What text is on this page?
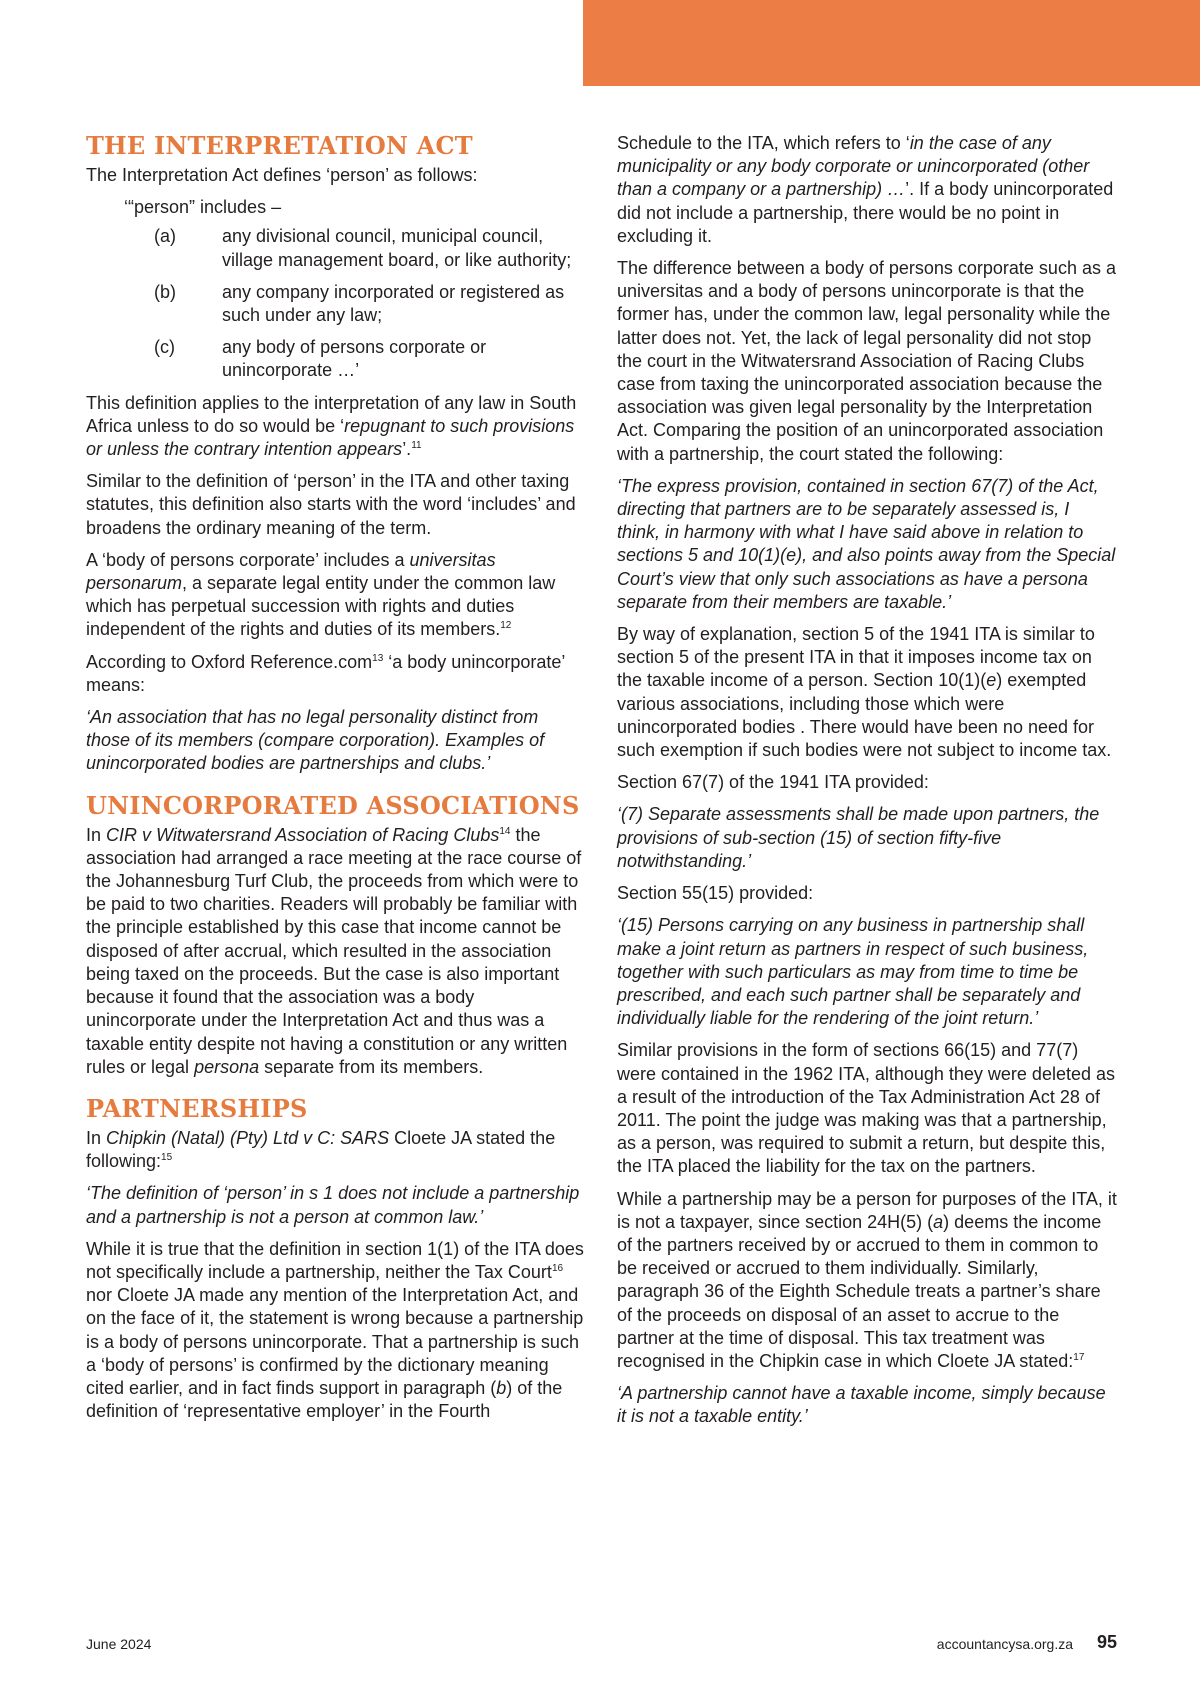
THE INTERPRETATION ACT

The Interpretation Act defines ‘person’ as follows:

‘“person” includes –
(a)	any divisional council, municipal council, village management board, or like authority;
(b)	any company incorporated or registered as such under any law;
(c)	any body of persons corporate or unincorporate …’

This definition applies to the interpretation of any law in South Africa unless to do so would be ‘repugnant to such provisions or unless the contrary intention appears’.$^{11}$

Similar to the definition of ‘person’ in the ITA and other taxing statutes, this definition also starts with the word ‘includes’ and broadens the ordinary meaning of the term.

A ‘body of persons corporate’ includes a universitas personarum, a separate legal entity under the common law which has perpetual succession with rights and duties independent of the rights and duties of its members.$^{12}$

According to Oxford Reference.com$^{13}$ ‘a body unincorporate’ means:

‘An association that has no legal personality distinct from those of its members (compare corporation). Examples of unincorporated bodies are partnerships and clubs.’

UNINCORPORATED ASSOCIATIONS

In CIR v Witwatersrand Association of Racing Clubs$^{14}$ the association had arranged a race meeting at the race course of the Johannesburg Turf Club, the proceeds from which were to be paid to two charities. Readers will probably be familiar with the principle established by this case that income cannot be disposed of after accrual, which resulted in the association being taxed on the proceeds. But the case is also important because it found that the association was a body unincorporate under the Interpretation Act and thus was a taxable entity despite not having a constitution or any written rules or legal persona separate from its members.

PARTNERSHIPS

In Chipkin (Natal) (Pty) Ltd v C: SARS Cloete JA stated the following:$^{15}$

‘The definition of ‘person’ in s 1 does not include a partnership and a partnership is not a person at common law.’

While it is true that the definition in section 1(1) of the ITA does not specifically include a partnership, neither the Tax Court$^{16}$ nor Cloete JA made any mention of the Interpretation Act, and on the face of it, the statement is wrong because a partnership is a body of persons unincorporate. That a partnership is such a ‘body of persons’ is confirmed by the dictionary meaning cited earlier, and in fact finds support in paragraph (b) of the definition of ‘representative employer’ in the Fourth

Schedule to the ITA, which refers to ‘in the case of any municipality or any body corporate or unincorporated (other than a company or a partnership) …’. If a body unincorporated did not include a partnership, there would be no point in excluding it.

The difference between a body of persons corporate such as a universitas and a body of persons unincorporate is that the former has, under the common law, legal personality while the latter does not. Yet, the lack of legal personality did not stop the court in the Witwatersrand Association of Racing Clubs case from taxing the unincorporated association because the association was given legal personality by the Interpretation Act. Comparing the position of an unincorporated association with a partnership, the court stated the following:

‘The express provision, contained in section 67(7) of the Act, directing that partners are to be separately assessed is, I think, in harmony with what I have said above in relation to sections 5 and 10(1)(e), and also points away from the Special Court’s view that only such associations as have a persona separate from their members are taxable.’

By way of explanation, section 5 of the 1941 ITA is similar to section 5 of the present ITA in that it imposes income tax on the taxable income of a person. Section 10(1)(e) exempted various associations, including those which were unincorporated bodies . There would have been no need for such exemption if such bodies were not subject to income tax.

Section 67(7) of the 1941 ITA provided:

‘(7) Separate assessments shall be made upon partners, the provisions of sub-section (15) of section fifty-five notwithstanding.’

Section 55(15) provided:

‘(15) Persons carrying on any business in partnership shall make a joint return as partners in respect of such business, together with such particulars as may from time to time be prescribed, and each such partner shall be separately and individually liable for the rendering of the joint return.’

Similar provisions in the form of sections 66(15) and 77(7) were contained in the 1962 ITA, although they were deleted as a result of the introduction of the Tax Administration Act 28 of 2011. The point the judge was making was that a partnership, as a person, was required to submit a return, but despite this, the ITA placed the liability for the tax on the partners.

While a partnership may be a person for purposes of the ITA, it is not a taxpayer, since section 24H(5) (a) deems the income of the partners received by or accrued to them in common to be received or accrued to them individually. Similarly, paragraph 36 of the Eighth Schedule treats a partner’s share of the proceeds on disposal of an asset to accrue to the partner at the time of disposal. This tax treatment was recognised in the Chipkin case in which Cloete JA stated:$^{17}$

‘A partnership cannot have a taxable income, simply because it is not a taxable entity.’

June 2024	accountancysa.org.za 95
